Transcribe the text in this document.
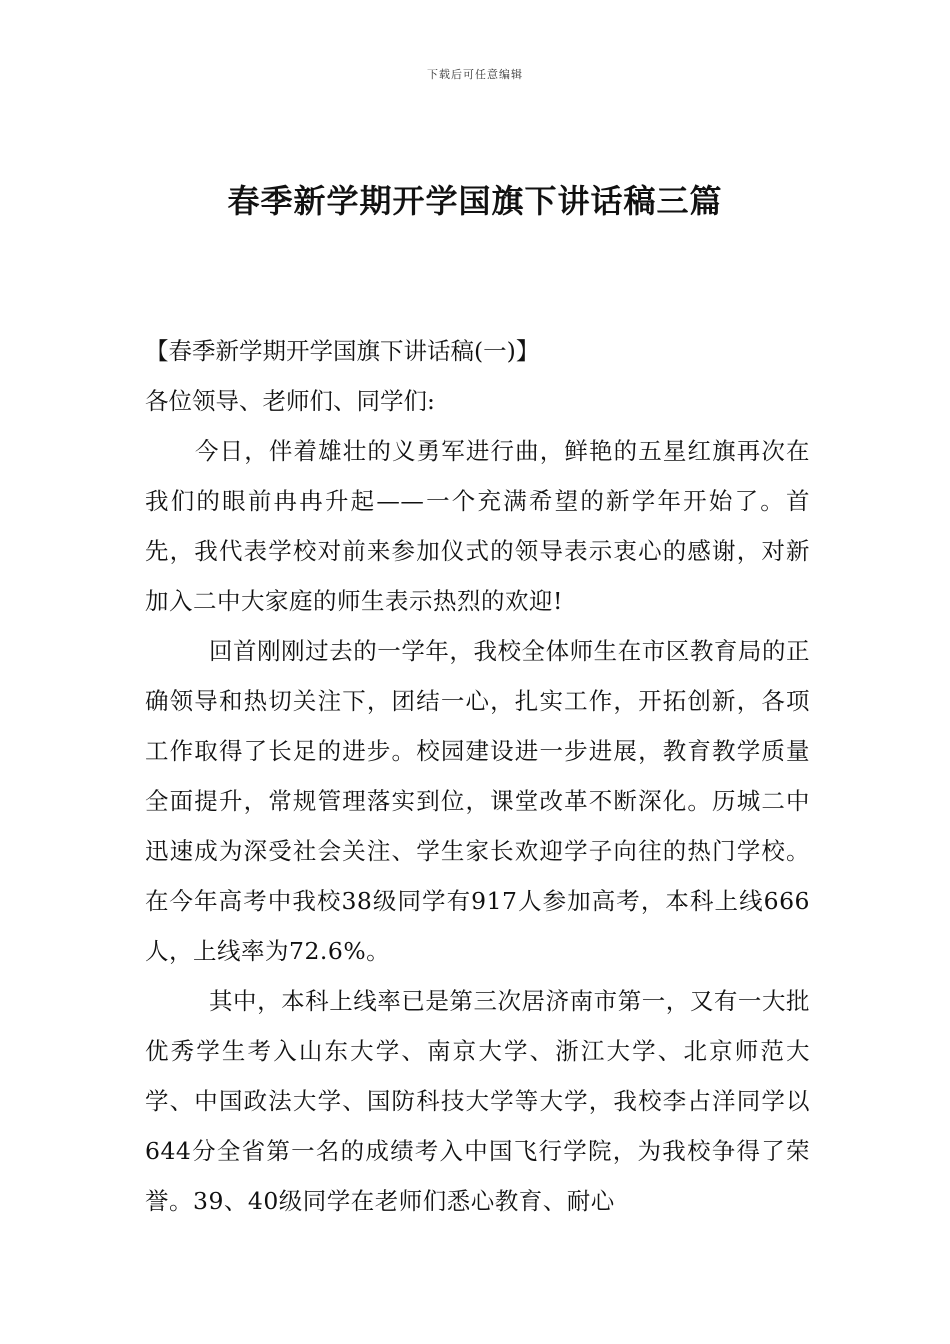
下载后可任意编辑
春季新学期开学国旗下讲话稿三篇

【春季新学期开学国旗下讲话稿(一)】

各位领导、老师们、同学们:

今日，伴着雄壮的义勇军进行曲，鲜艳的五星红旗再次在我们的眼前冉冉升起——一个充满希望的新学年开始了。首先，我代表学校对前来参加仪式的领导表示衷心的感谢，对新加入二中大家庭的师生表示热烈的欢迎!

回首刚刚过去的一学年，我校全体师生在市区教育局的正确领导和热切关注下，团结一心，扎实工作，开拓创新，各项工作取得了长足的进步。校园建设进一步进展，教育教学质量全面提升，常规管理落实到位，课堂改革不断深化。历城二中迅速成为深受社会关注、学生家长欢迎学子向往的热门学校。在今年高考中我校38级同学有917人参加高考，本科上线666人，上线率为72.6%。

其中，本科上线率已是第三次居济南市第一，又有一大批优秀学生考入山东大学、南京大学、浙江大学、北京师范大学、中国政法大学、国防科技大学等大学，我校李占洋同学以644分全省第一名的成绩考入中国飞行学院，为我校争得了荣誉。39、40级同学在老师们悉心教育、耐心
